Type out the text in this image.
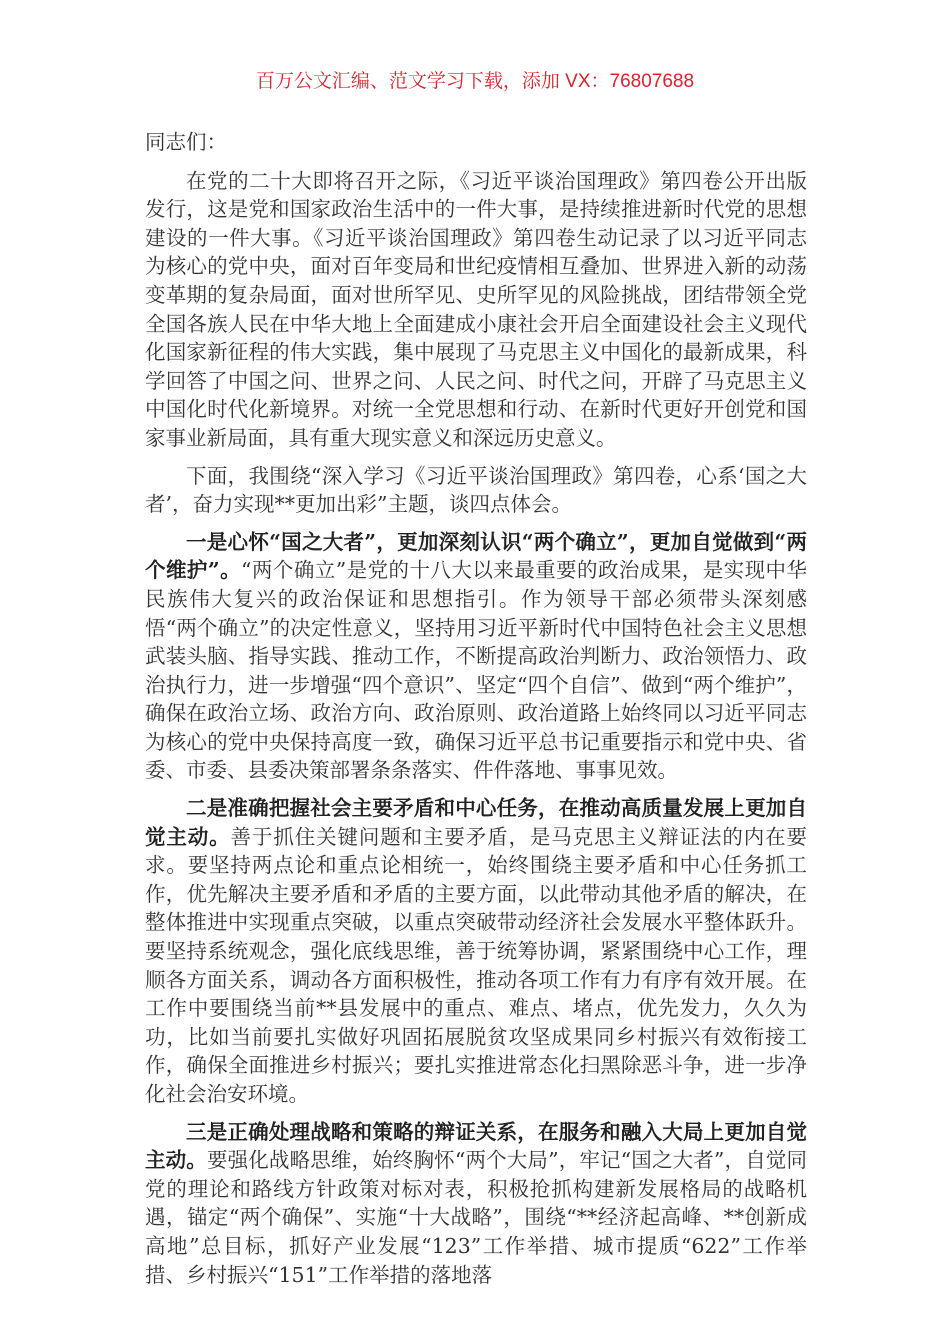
百万公文汇编、范文学习下载，添加 VX：76807688

同志们：

在党的二十大即将召开之际，《习近平谈治国理政》第四卷公开出版发行，这是党和国家政治生活中的一件大事，是持续推进新时代党的思想建设的一件大事。《习近平谈治国理政》第四卷生动记录了以习近平同志为核心的党中央，面对百年变局和世纪疫情相互叠加、世界进入新的动荡变革期的复杂局面，面对世所罕见、史所罕见的风险挑战，团结带领全党全国各族人民在中华大地上全面建成小康社会开启全面建设社会主义现代化国家新征程的伟大实践，集中展现了马克思主义中国化的最新成果，科学回答了中国之问、世界之问、人民之问、时代之问，开辟了马克思主义中国化时代化新境界。对统一全党思想和行动、在新时代更好开创党和国家事业新局面，具有重大现实意义和深远历史意义。

下面，我围绕“深入学习《习近平谈治国理政》第四卷，心系‘国之大者’，奋力实现**更加出彩”主题，谈四点体会。

一是心怀“国之大者”，更加深刻认识“两个确立”，更加自觉做到“两个维护”。“两个确立”是党的十八大以来最重要的政治成果，是实现中华民族伟大复兴的政治保证和思想指引。作为领导干部必须带头深刻感悟“两个确立”的决定性意义，坚持用习近平新时代中国特色社会主义思想武装头脑、指导实践、推动工作，不断提高政治判断力、政治领悟力、政治执行力，进一步增强“四个意识”、坚定“四个自信”、做到“两个维护”，确保在政治立场、政治方向、政治原则、政治道路上始终同以习近平同志为核心的党中央保持高度一致，确保习近平总书记重要指示和党中央、省委、市委、县委决策部署条条落实、件件落地、事事见效。

二是准确把握社会主要矛盾和中心任务，在推动高质量发展上更加自觉主动。善于抓住关键问题和主要矛盾，是马克思主义辩证法的内在要求。要坚持两点论和重点论相统一，始终围绕主要矛盾和中心任务抓工作，优先解决主要矛盾和矛盾的主要方面，以此带动其他矛盾的解决，在整体推进中实现重点突破，以重点突破带动经济社会发展水平整体跃升。要坚持系统观念，强化底线思维，善于统筹协调，紧紧围绕中心工作，理顺各方面关系，调动各方面积极性，推动各项工作有力有序有效开展。在工作中要围绕当前**县发展中的重点、难点、堵点，优先发力，久久为功，比如当前要扎实做好巩固拓展脱贫攻坚成果同乡村振兴有效衔接工作，确保全面推进乡村振兴；要扎实推进常态化扫黑除恶斗争，进一步净化社会治安环境。

三是正确处理战略和策略的辩证关系，在服务和融入大局上更加自觉主动。要强化战略思维，始终胸怀“两个大局”，牢记“国之大者”，自觉同党的理论和路线方针政策对标对表，积极抢抓构建新发展格局的战略机遇，锚定“两个确保”、实施“十大战略”，围绕“**经济起高峰、**创新成高地”总目标，抓好产业发展“123”工作举措、城市提质“622”工作举措、乡村振兴“151”工作举措的落地落
